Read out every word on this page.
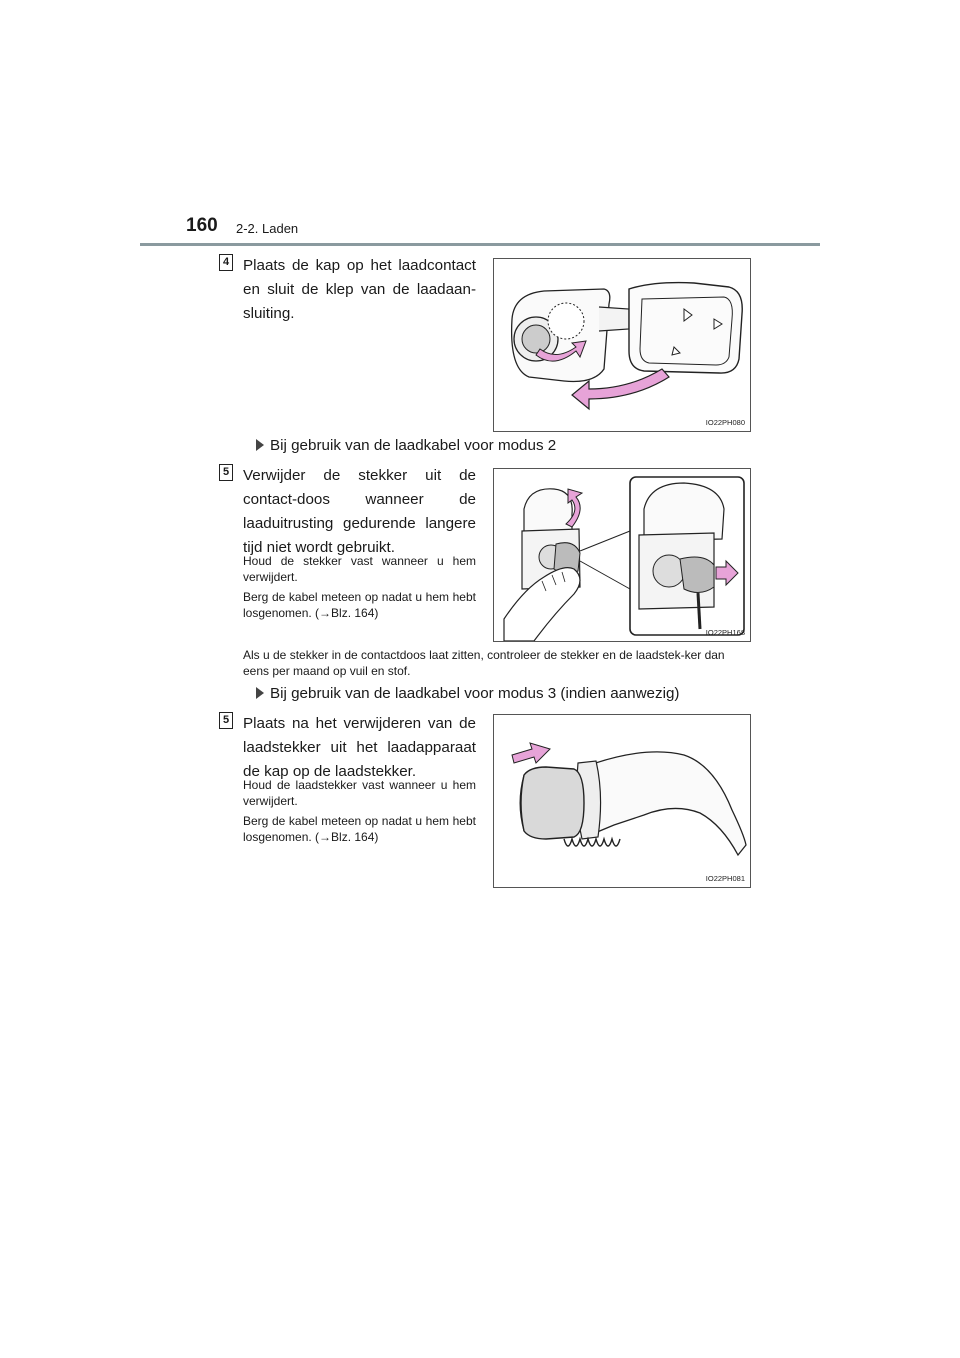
160 2-2. Laden
4 Plaats de kap op het laadcontact en sluit de klep van de laadaan-sluiting.
IO22PH080
Bij gebruik van de laadkabel voor modus 2
5 Verwijder de stekker uit de contact-doos wanneer de laaduitrusting gedurende langere tijd niet wordt gebruikt.
Houd de stekker vast wanneer u hem verwijdert.
Berg de kabel meteen op nadat u hem hebt losgenomen. (→Blz. 164)
IO22PH168
Als u de stekker in de contactdoos laat zitten, controleer de stekker en de laadstek-ker dan eens per maand op vuil en stof.
Bij gebruik van de laadkabel voor modus 3 (indien aanwezig)
5 Plaats na het verwijderen van de laadstekker uit het laadapparaat de kap op de laadstekker.
Houd de laadstekker vast wanneer u hem verwijdert.
Berg de kabel meteen op nadat u hem hebt losgenomen. (→Blz. 164)
IO22PH081
